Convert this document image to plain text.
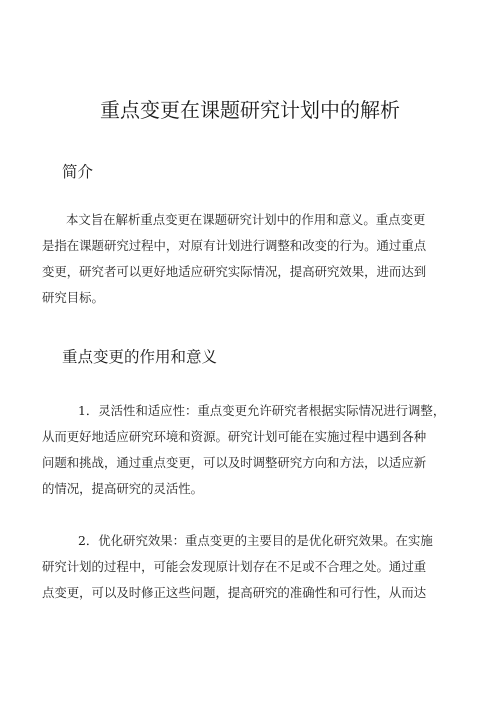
重点变更在课题研究计划中的解析
简介

本文旨在解析重点变更在课题研究计划中的作用和意义。重点变更
是指在课题研究过程中，对原有计划进行调整和改变的行为。通过重点
变更，研究者可以更好地适应研究实际情况，提高研究效果，进而达到
研究目标。

重点变更的作用和意义

1．灵活性和适应性：重点变更允许研究者根据实际情况进行调整，
从而更好地适应研究环境和资源。研究计划可能在实施过程中遇到各种
问题和挑战，通过重点变更，可以及时调整研究方向和方法，以适应新
的情况，提高研究的灵活性。

2．优化研究效果：重点变更的主要目的是优化研究效果。在实施
研究计划的过程中，可能会发现原计划存在不足或不合理之处。通过重
点变更，可以及时修正这些问题，提高研究的准确性和可行性，从而达
